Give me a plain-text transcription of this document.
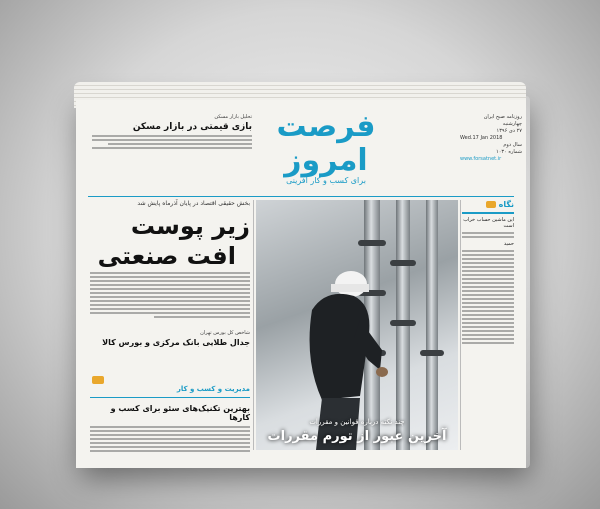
تحلیل بازار مسکن
بازی قیمتی در بازار مسکن فرصت امروز
برای کسب و کار آفرینی
روزنامه صبح ایران
چهارشنبه
۲۷ دی ۱۳۹۶
Wed.17 Jan 2018
سال دوم
شماره ۱۰۳۰
www.forsatnet.ir
بخش حقیقی اقتصاد در پایان آذرماه پایش شد
زیر پوست
افت صنعتی
شاخص کل بورس تهران
جدال طلایی بانک مرکزی و بورس کالا
مدیریت و کسب و کار
بهترین تکنیک‌های سئو برای کسب و کارها	چند نکته درباره قوانین و مقررات
آخرین عبور از تورم مقررات
نگاه
این ماشین حساب خراب است
حمید
